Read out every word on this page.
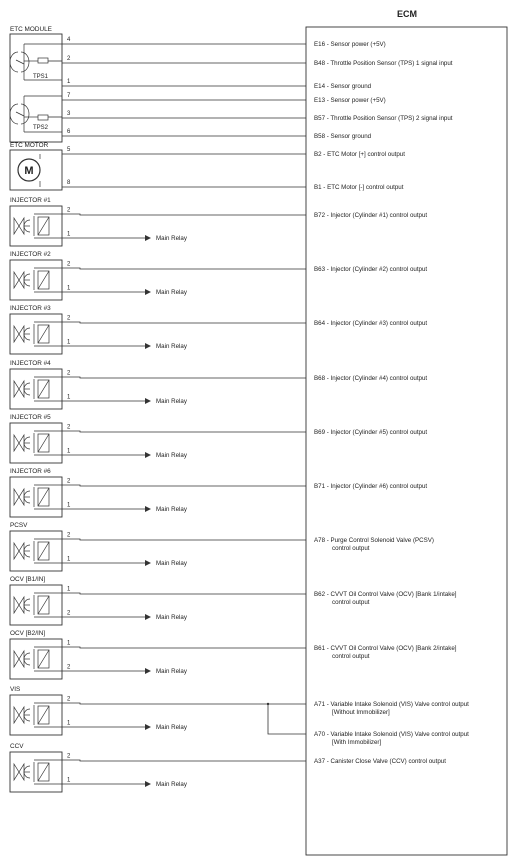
ECM
E16 - Sensor power (+5V)
B48 - Throttle Position Sensor (TPS) 1 signal input
E14 - Sensor ground
E13 - Sensor power (+5V)
B57 - Throttle Position Sensor (TPS) 2 signal input
B58 - Sensor ground
B2 - ETC Motor [+] control output
B1 - ETC Motor [-] control output
B72 - Injector (Cylinder #1) control output
B63 - Injector (Cylinder #2) control output
B64 - Injector (Cylinder #3) control output
B68 - Injector (Cylinder #4) control output
B69 - Injector (Cylinder #5) control output
B71 - Injector (Cylinder #6) control output
A78 - Purge Control Solenoid Valve (PCSV)
control output
B62 - CVVT Oil Control Valve (OCV) [Bank 1/intake]
control output
B61 - CVVT Oil Control Valve (OCV) [Bank 2/intake]
control output
A71 - Variable Intake Solenoid (VIS) Valve control output
[Without Immobilizer]
A70 - Variable Intake Solenoid (VIS) Valve control output
[With Immobilizer]
A37 - Canister Close Valve (CCV) control output
ETC MODULE
TPS1
TPS2
ETC MOTOR
M
4
2
1
7
3
6
5
8
INJECTOR #1
2
1
Main Relay
INJECTOR #2
2
1
Main Relay
INJECTOR #3
2
1
Main Relay
INJECTOR #4
2
1
Main Relay
INJECTOR #5
2
1
Main Relay
INJECTOR #6
2
1
Main Relay
PCSV
2
1
Main Relay
OCV [B1/IN]
1
2
Main Relay
OCV [B2/IN]
1
2
Main Relay
VIS
2
1
Main Relay
CCV
2
1
Main Relay
